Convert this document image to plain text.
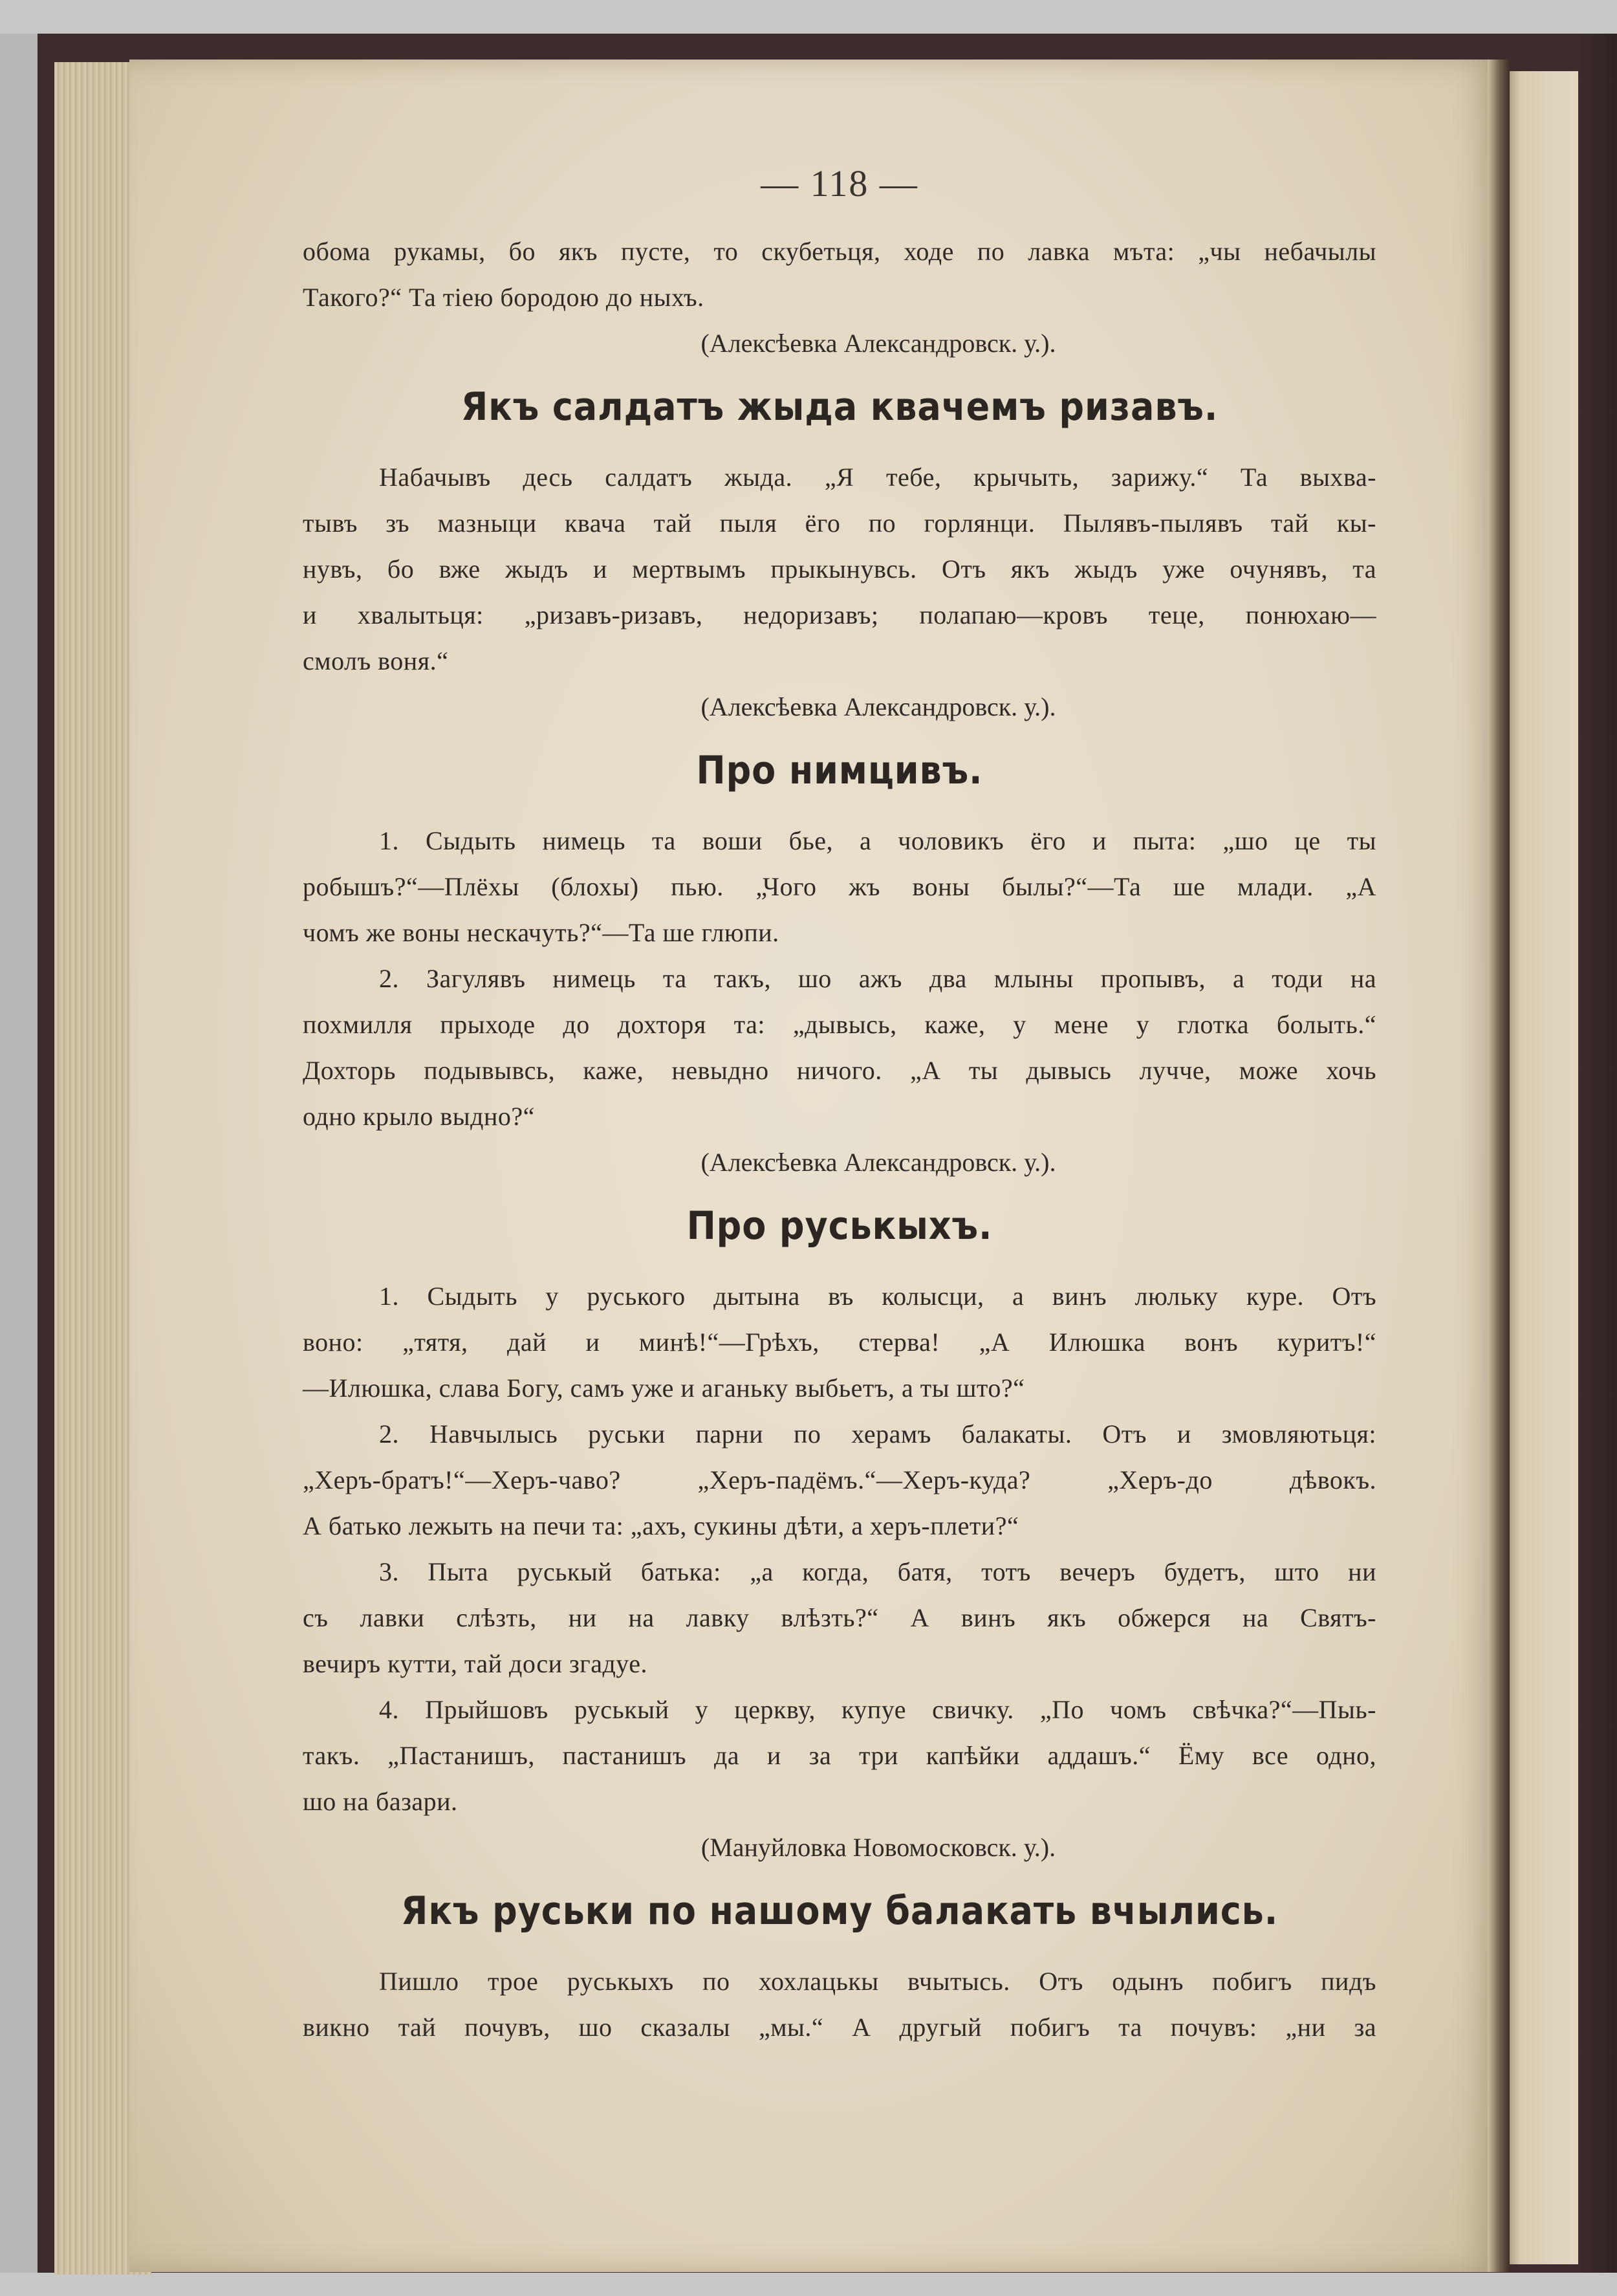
— 118 —

обома рукамы, бо якъ пусте, то скубетьця, ходе по лавка мъта: „чы небачылы

Такого?“ Та тiею бородою до ныхъ.

(Алексѣевка Александровск. у.).

Якъ салдатъ жыда квачемъ ризавъ.

Набачывъ десь салдатъ жыда. „Я тебе, крычыть, зарижу.“ Та выхва-

тывъ зъ мазныци квача тай пыля ёго по горлянци. Пылявъ-пылявъ тай кы-

нувъ, бо вже жыдъ и мертвымъ прыкынувсь. Отъ якъ жыдъ уже очунявъ, та

и хвалытьця: „ризавъ-ризавъ, недоризавъ; полапаю—кровъ теце, понюхаю—

смолъ воня.“

(Алексѣевка Александровск. у.).

Про нимцивъ.

1. Сыдыть нимець та воши бье, а чоловикъ ёго и пыта: „шо це ты

робышъ?“—Плёхы (блохы) пью. „Чого жъ воны былы?“—Та ше млади. „А

чомъ же воны нескачуть?“—Та ше глюпи.

2. Загулявъ нимець та такъ, шо ажъ два млыны пропывъ, а тоди на

похмилля прыходе до дохторя та: „дывысь, каже, у мене у глотка болыть.“

Дохторь подывывсь, каже, невыдно ничого. „А ты дывысь лучче, може хочь

одно крыло выдно?“

(Алексѣевка Александровск. у.).

Про руськыхъ.

1. Сыдыть у руського дытына въ колысци, а винъ люльку куре. Отъ

воно: „тятя, дай и минѣ!“—Грѣхъ, стерва! „А Илюшка вонъ куритъ!“

—Илюшка, слава Богу, самъ уже и аганьку выбьетъ, а ты што?“

2. Навчылысь руськи парни по херамъ балакаты. Отъ и змовляютьця:

„Херъ-братъ!“—Херъ-чаво? „Херъ-падёмъ.“—Херъ-куда? „Херъ-до дѣвокъ.

А батько лежыть на печи та: „ахъ, сукины дѣти, а херъ-плети?“

3. Пыта руськый батька: „а когда, батя, тотъ вечеръ будетъ, што ни

съ лавки слѣзть, ни на лавку влѣзть?“ А винъ якъ обжерся на Святъ-

вечиръ кутти, тай доси згадуе.

4. Прыйшовъ руськый у церкву, купуе свичку. „По чомъ свѣчка?“—Пыь-

такъ. „Пастанишъ, пастанишъ да и за три капѣйки аддашъ.“ Ёму все одно,

шо на базари.

(Мануйловка Новомосковск. у.).

Якъ руськи по нашому балакать вчылись.

Пишло трое руськыхъ по хохлацькы вчытысь. Отъ одынъ побигъ пидъ

викно тай почувъ, шо сказалы „мы.“ А другый побигъ та почувъ: „ни за
